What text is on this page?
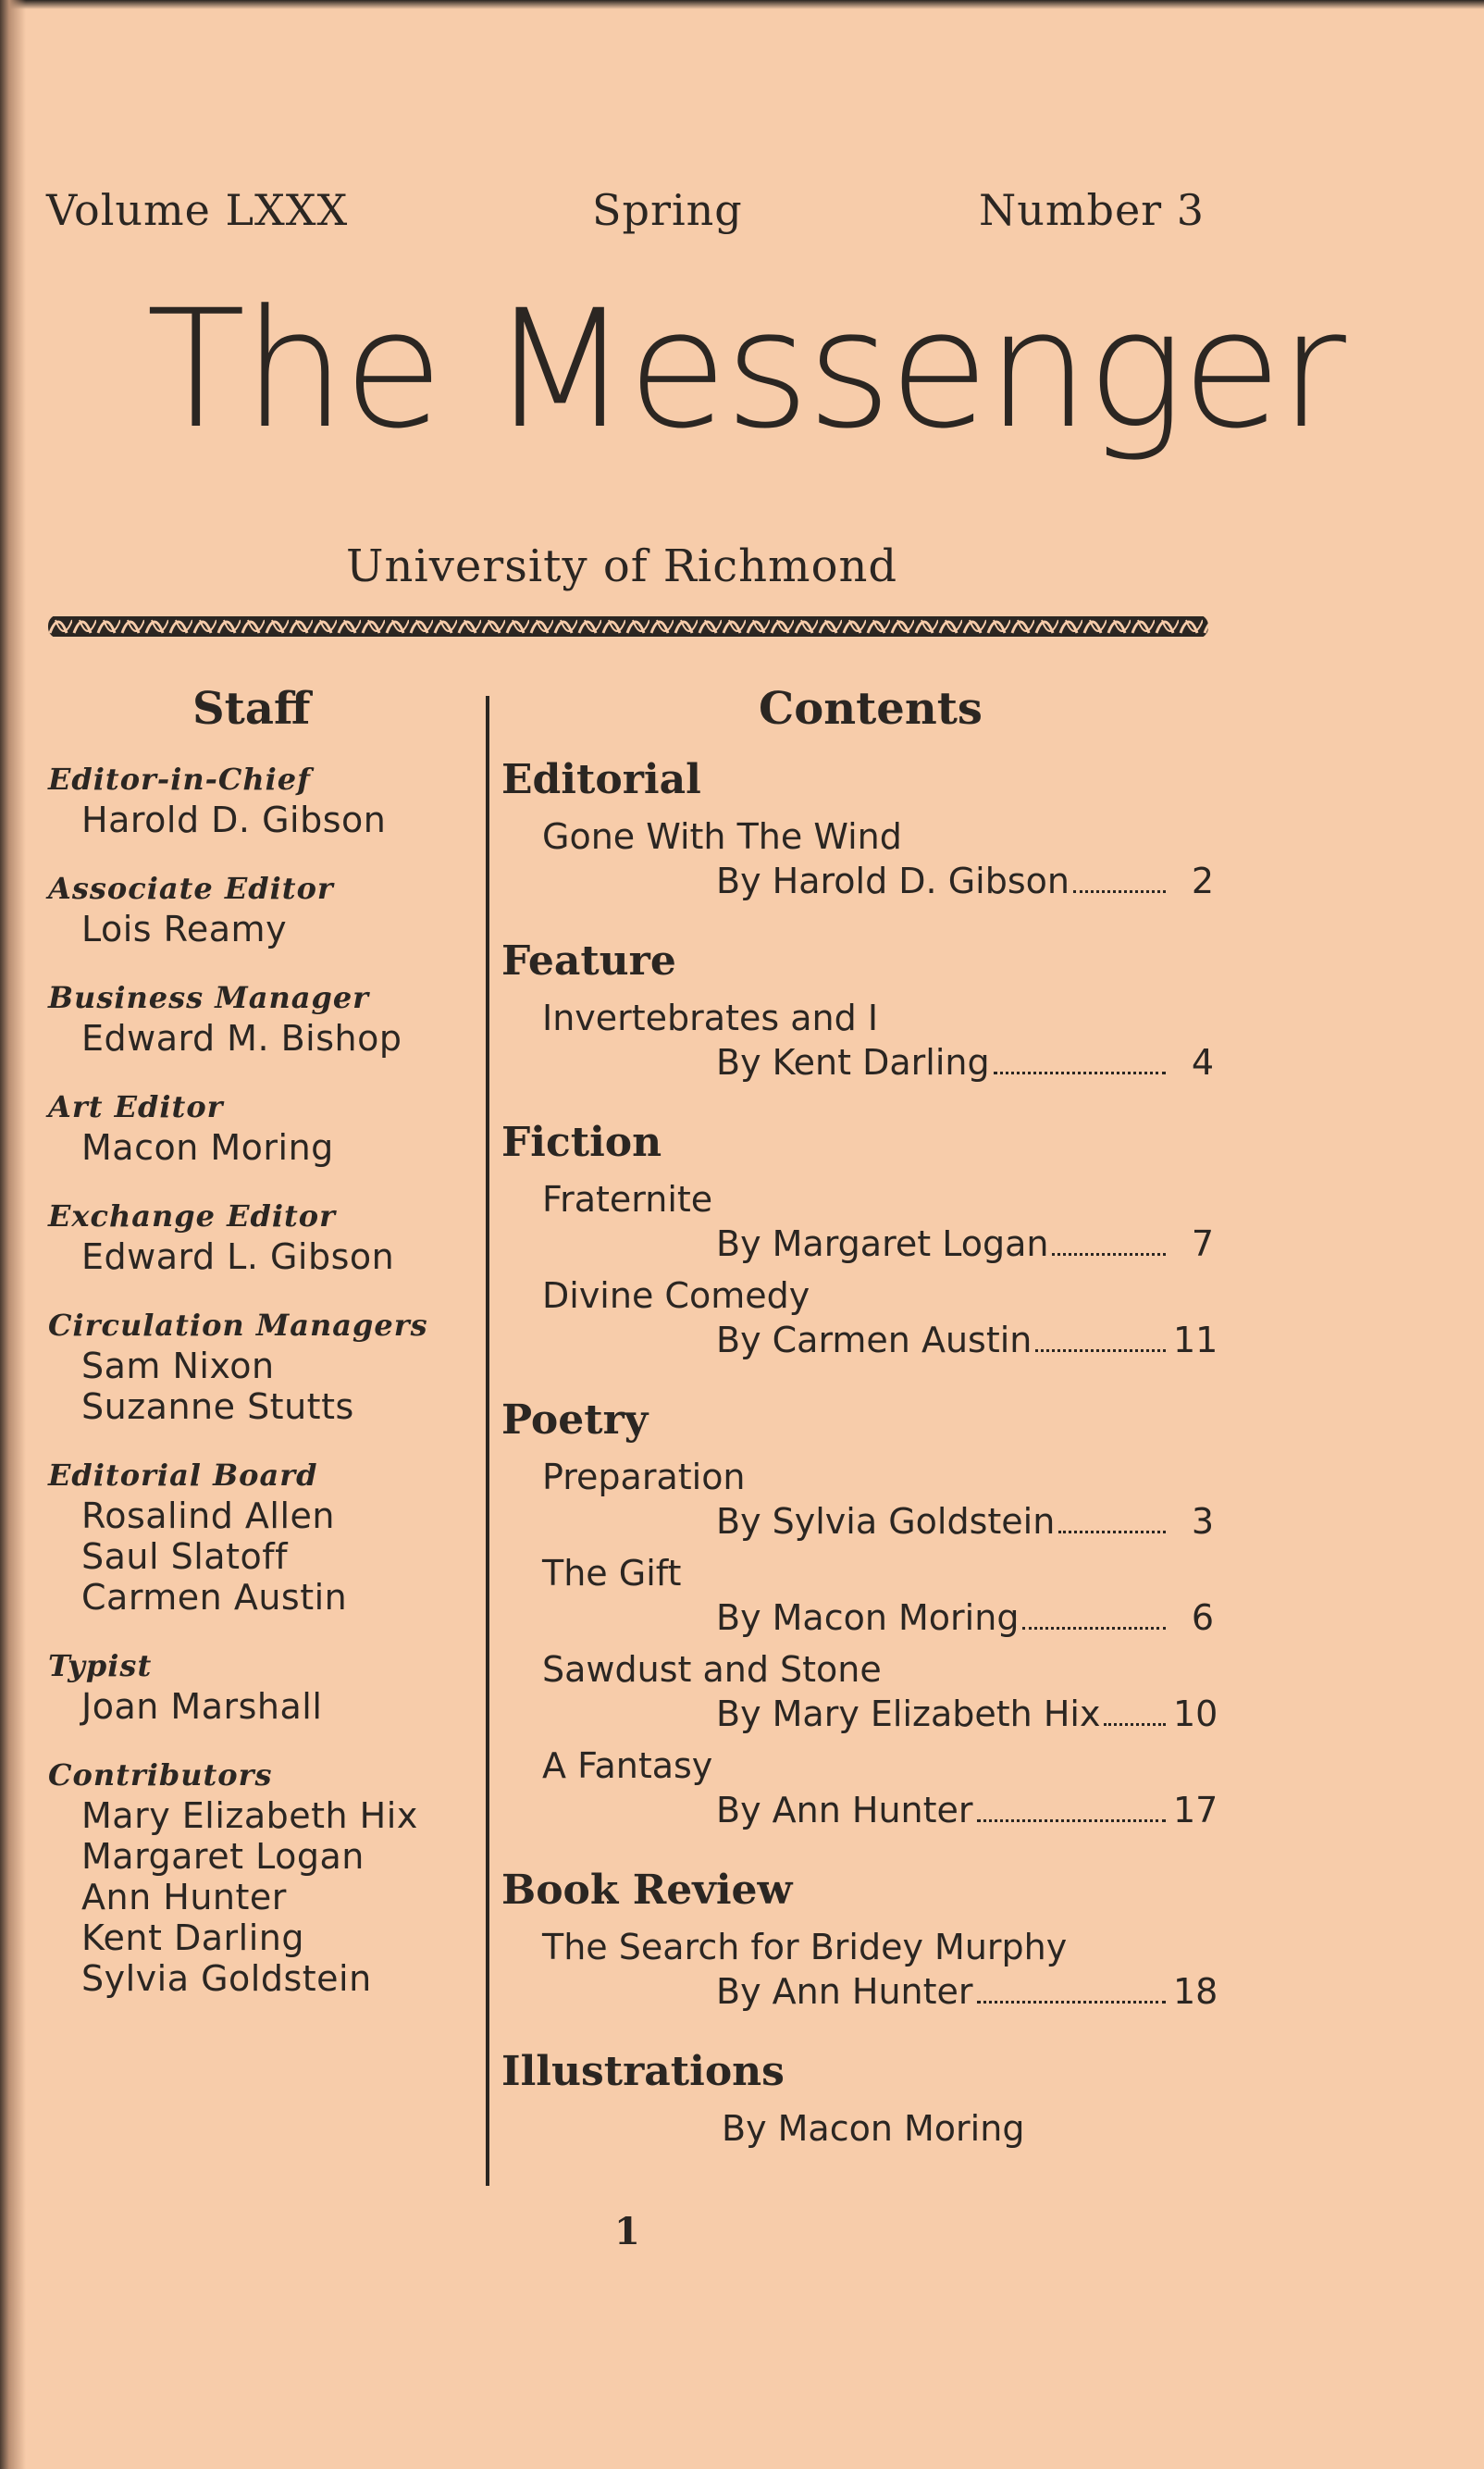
Volume LXXX	Spring	Number 3
The Messenger
University of Richmond
Staff
Editor-in-Chief
Harold D. Gibson
Associate Editor
Lois Reamy
Business Manager
Edward M. Bishop
Art Editor
Macon Moring
Exchange Editor
Edward L. Gibson
Circulation Managers
Sam Nixon
Suzanne Stutts
Editorial Board
Rosalind Allen
Saul Slatoff
Carmen Austin
Typist
Joan Marshall
Contributors
Mary Elizabeth Hix
Margaret Logan
Ann Hunter
Kent Darling
Sylvia Goldstein
Contents
Editorial
Gone With The Wind
By Harold D. Gibson	2
Feature
Invertebrates and I
By Kent Darling	4
Fiction
Fraternite
By Margaret Logan	7
Divine Comedy
By Carmen Austin	11
Poetry
Preparation
By Sylvia Goldstein	3
The Gift
By Macon Moring	6
Sawdust and Stone
By Mary Elizabeth Hix 10
A Fantasy
By Ann Hunter	17
Book Review
The Search for Bridey Murphy
By Ann Hunter	18
Illustrations
By Macon Moring
1
